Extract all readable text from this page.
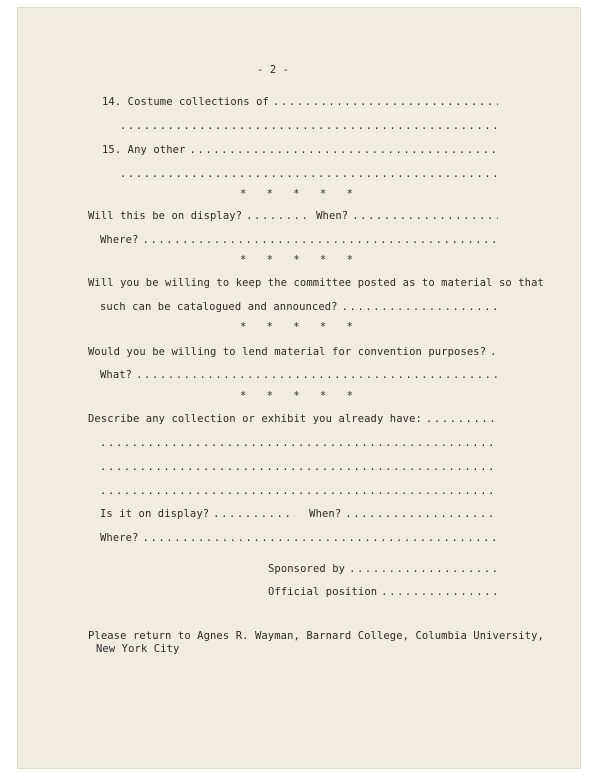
- 2 -
14. Costume collections of
.....
.....
15. Any other
.....
.....
* * * * *
Will this be on display? .....	When?
.....
Where?
.....
* * * * *
Will you be willing to keep the committee posted as to material so that
such can be catalogued and announced?
.....
* * * * *
Would you be willing to lend material for convention purposes?
.....
What?
.....
* * * * *
Describe any collection or exhibit you already have:
.....
.....
.....
.....
Is it on display? .....	When?
.....
Where?
.....
Sponsored by
.....
Official position
.....
Please return to Agnes R. Wayman, Barnard College, Columbia University,
New York City
